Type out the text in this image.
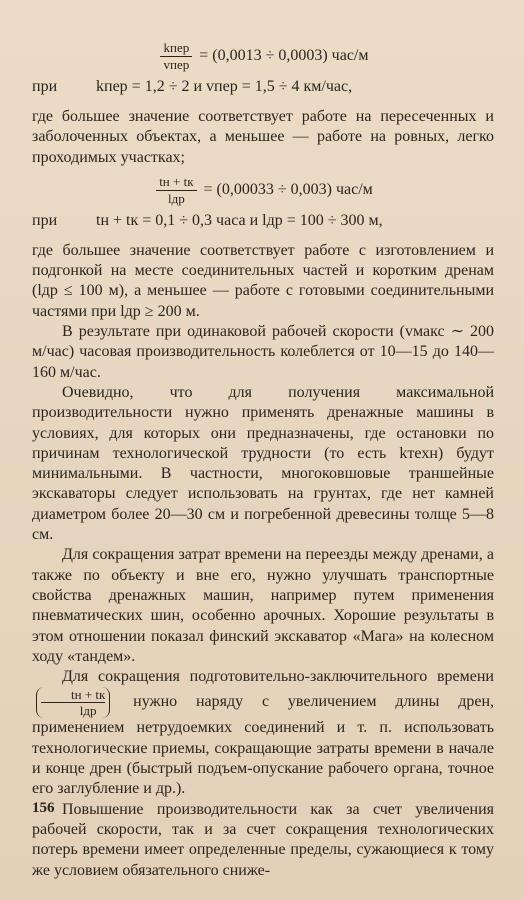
$\frac{\text{kпер}}{\text{vпер}} = (0,0013 \div 0,0003)$ час/м
при kпер = 1,2 ÷ 2 и vпер = 1,5 ÷ 4 км/час,

где большее значение соответствует работе на пересеченных и заболоченных объектах, а меньшее — работе на ровных, легко проходимых участках;

$\frac{tн + tк}{\text{lдр}} = (0,00033 \div 0,003)$ час/м
при tн + tк = 0,1 ÷ 0,3 часа и lдр = 100 ÷ 300 м,

где большее значение соответствует работе с изготовлением и подгонкой на месте соединительных частей и коротким дренам (lдр ≤ 100 м), а меньшее — работе с готовыми соединительными частями при lдр ≥ 200 м.

В результате при одинаковой рабочей скорости (vмакс ∼ 200 м/час) часовая производительность колеблется от 10—15 до 140—160 м/час.

Очевидно, что для получения максимальной производительности нужно применять дренажные машины в условиях, для которых они предназначены, где остановки по причинам технологической трудности (то есть kтехн) будут минимальными. В частности, многоковшовые траншейные экскаваторы следует использовать на грунтах, где нет камней диаметром более 20—30 см и погребенной древесины толще 5—8 см.

Для сокращения затрат времени на переезды между дренами, а также по объекту и вне его, нужно улучшать транспортные свойства дренажных машин, например путем применения пневматических шин, особенно арочных. Хорошие результаты в этом отношении показал финский экскаватор «Мага» на колесном ходу «тандем».

Для сокращения подготовительно-заключительного времени
$\frac{tн + tк}{\text{lдр}}$ нужно наряду с увеличением длины дрен, применением нетрудоемких соединений и т. п. использовать технологические приемы, сокращающие затраты времени в начале и конце дрен (быстрый подъем-опускание рабочего органа, точное его заглубление и др.).

Повышение производительности как за счет увеличения рабочей скорости, так и за счет сокращения технологических потерь времени имеет определенные пределы, сужающиеся к тому же условием обязательного сниже-

156
